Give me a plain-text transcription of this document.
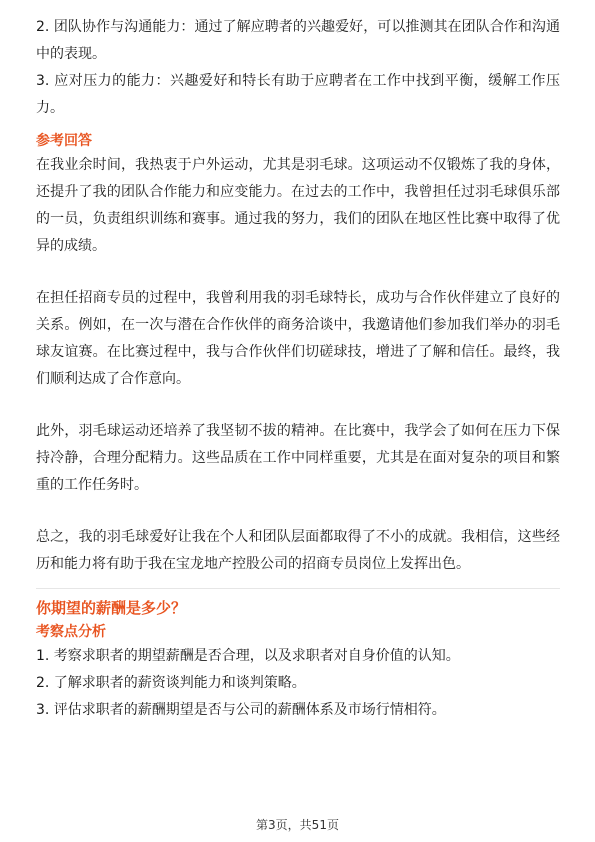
2. 团队协作与沟通能力：通过了解应聘者的兴趣爱好，可以推测其在团队合作和沟通中的表现。

3. 应对压力的能力：兴趣爱好和特长有助于应聘者在工作中找到平衡，缓解工作压力。

参考回答

在我业余时间，我热衷于户外运动，尤其是羽毛球。这项运动不仅锻炼了我的身体，还提升了我的团队合作能力和应变能力。在过去的工作中，我曾担任过羽毛球俱乐部的一员，负责组织训练和赛事。通过我的努力，我们的团队在地区性比赛中取得了优异的成绩。

在担任招商专员的过程中，我曾利用我的羽毛球特长，成功与合作伙伴建立了良好的关系。例如，在一次与潜在合作伙伴的商务洽谈中，我邀请他们参加我们举办的羽毛球友谊赛。在比赛过程中，我与合作伙伴们切磋球技，增进了了解和信任。最终，我们顺利达成了合作意向。

此外，羽毛球运动还培养了我坚韧不拔的精神。在比赛中，我学会了如何在压力下保持冷静，合理分配精力。这些品质在工作中同样重要，尤其是在面对复杂的项目和繁重的工作任务时。

总之，我的羽毛球爱好让我在个人和团队层面都取得了不小的成就。我相信，这些经历和能力将有助于我在宝龙地产控股公司的招商专员岗位上发挥出色。

你期望的薪酬是多少？

考察点分析

1. 考察求职者的期望薪酬是否合理，以及求职者对自身价值的认知。

2. 了解求职者的薪资谈判能力和谈判策略。

3. 评估求职者的薪酬期望是否与公司的薪酬体系及市场行情相符。

第3页，共51页
